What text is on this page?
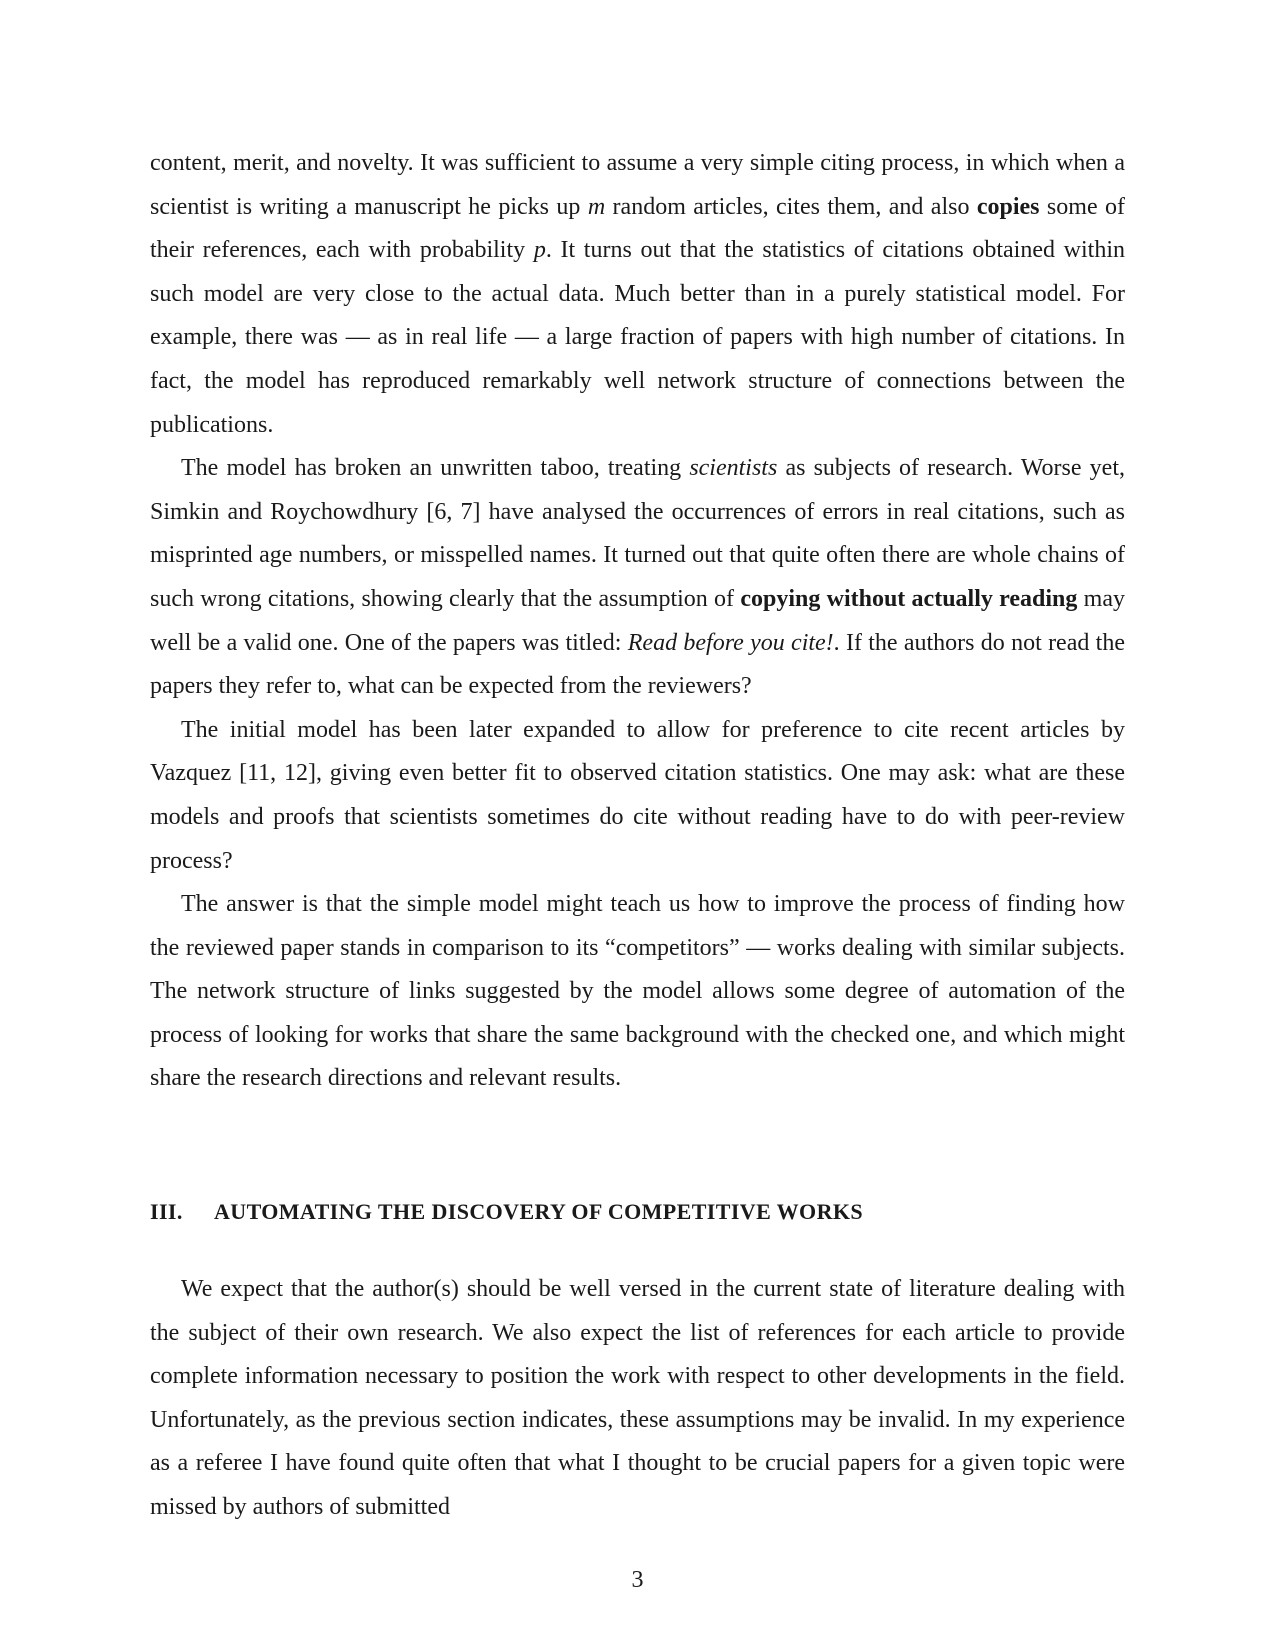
content, merit, and novelty. It was sufficient to assume a very simple citing process, in which when a scientist is writing a manuscript he picks up m random articles, cites them, and also copies some of their references, each with probability p. It turns out that the statistics of citations obtained within such model are very close to the actual data. Much better than in a purely statistical model. For example, there was — as in real life — a large fraction of papers with high number of citations. In fact, the model has reproduced remarkably well network structure of connections between the publications.

The model has broken an unwritten taboo, treating scientists as subjects of research. Worse yet, Simkin and Roychowdhury [6, 7] have analysed the occurrences of errors in real citations, such as misprinted age numbers, or misspelled names. It turned out that quite often there are whole chains of such wrong citations, showing clearly that the assumption of copying without actually reading may well be a valid one. One of the papers was titled: Read before you cite!. If the authors do not read the papers they refer to, what can be expected from the reviewers?

The initial model has been later expanded to allow for preference to cite recent articles by Vazquez [11, 12], giving even better fit to observed citation statistics. One may ask: what are these models and proofs that scientists sometimes do cite without reading have to do with peer-review process?

The answer is that the simple model might teach us how to improve the process of finding how the reviewed paper stands in comparison to its “competitors” — works dealing with similar subjects. The network structure of links suggested by the model allows some degree of automation of the process of looking for works that share the same background with the checked one, and which might share the research directions and relevant results.

III. AUTOMATING THE DISCOVERY OF COMPETITIVE WORKS

We expect that the author(s) should be well versed in the current state of literature dealing with the subject of their own research. We also expect the list of references for each article to provide complete information necessary to position the work with respect to other developments in the field. Unfortunately, as the previous section indicates, these assumptions may be invalid. In my experience as a referee I have found quite often that what I thought to be crucial papers for a given topic were missed by authors of submitted

3
